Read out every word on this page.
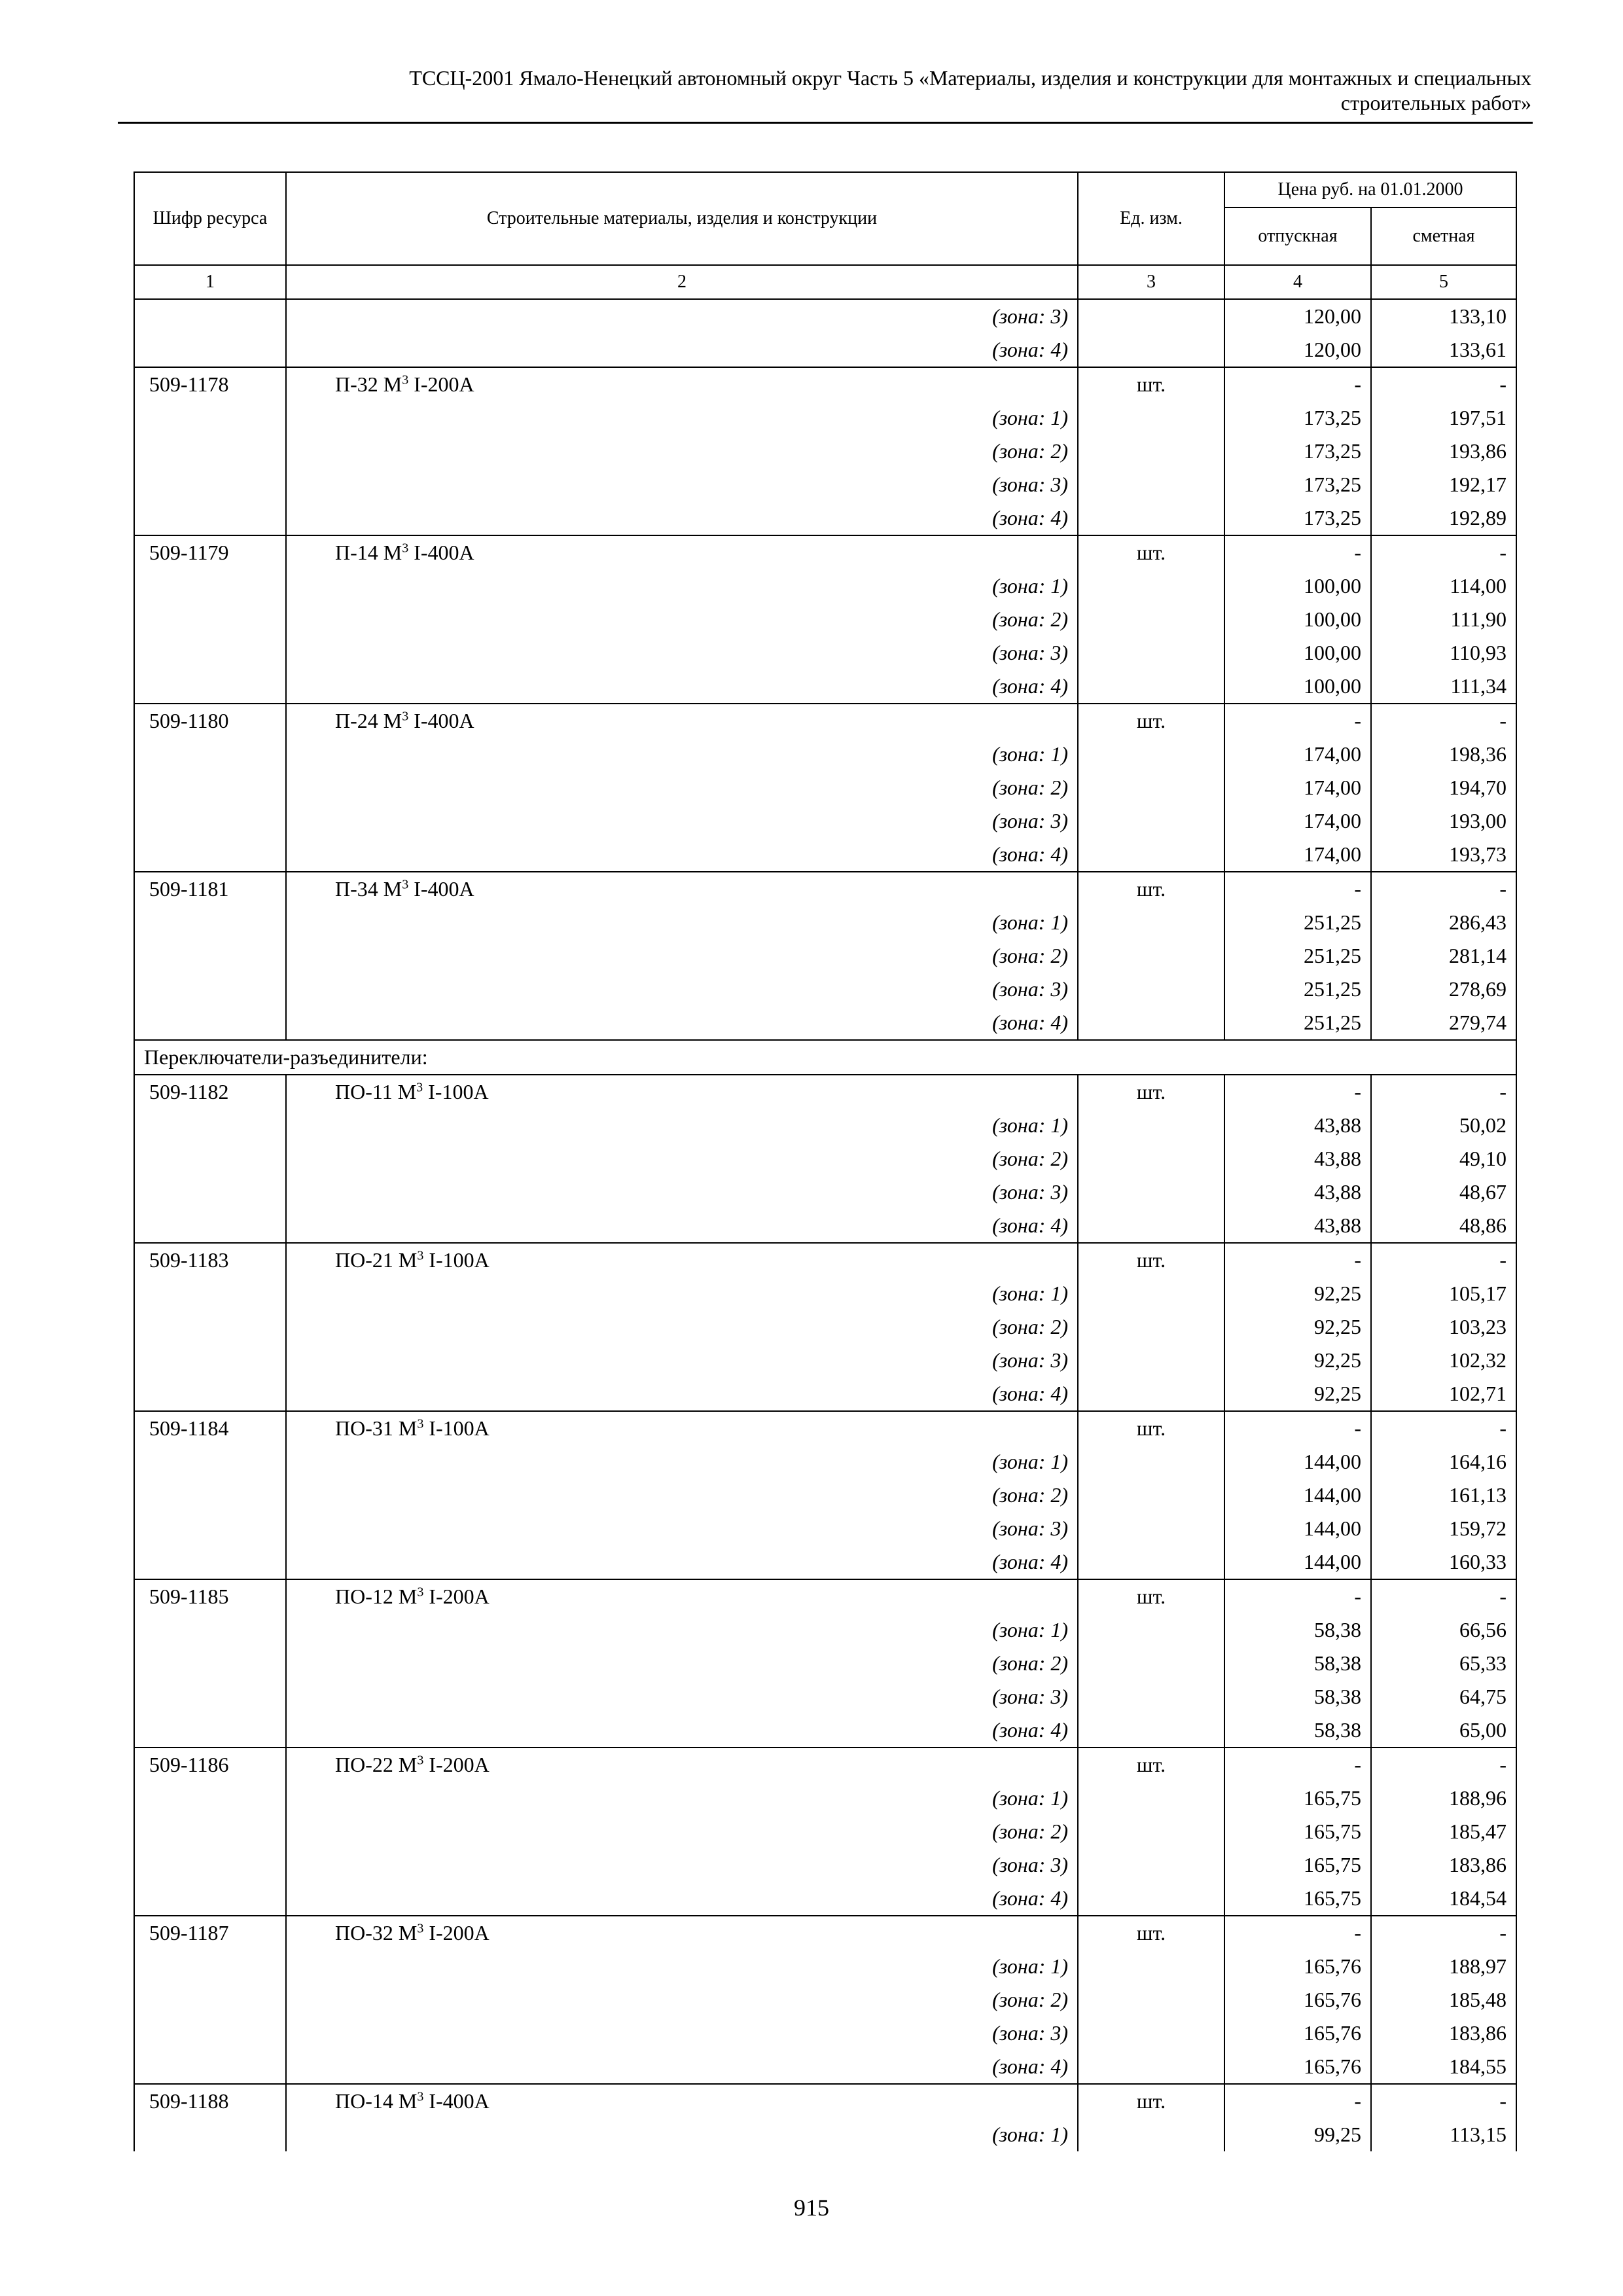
ТССЦ-2001 Ямало-Ненецкий автономный округ Часть 5 «Материалы, изделия и конструкции для монтажных и специальных
строительных работ»
Шифр ресурса	Строительные материалы, изделия и конструкции	Ед. изм.	Цена руб. на 01.01.2000	
			отпускная	сметная
1	2	3	4	5
	(зона: 3)		120,00	133,10
	(зона: 4)		120,00	133,61
509-1178	П-32 $М^3$ I-200А	шт.	-	-
	(зона: 1)		173,25	197,51
	(зона: 2)		173,25	193,86
	(зона: 3)		173,25	192,17
	(зона: 4)		173,25	192,89
509-1179	П-14 $М^3$ I-400А	шт.	-	-
	(зона: 1)		100,00	114,00
	(зона: 2)		100,00	111,90
	(зона: 3)		100,00	110,93
	(зона: 4)		100,00	111,34
509-1180	П-24 $М^3$ I-400А	шт.	-	-
	(зона: 1)		174,00	198,36
	(зона: 2)		174,00	194,70
	(зона: 3)		174,00	193,00
	(зона: 4)		174,00	193,73
509-1181	П-34 $М^3$ I-400А	шт.	-	-
	(зона: 1)		251,25	286,43
	(зона: 2)		251,25	281,14
	(зона: 3)		251,25	278,69
	(зона: 4)		251,25	279,74
Переключатели-разъединители:				
509-1182	ПО-11 $М^3$ I-100А	шт.	-	-
	(зона: 1)		43,88	50,02
	(зона: 2)		43,88	49,10
	(зона: 3)		43,88	48,67
	(зона: 4)		43,88	48,86
509-1183	ПО-21 $М^3$ I-100А	шт.	-	-
	(зона: 1)		92,25	105,17
	(зона: 2)		92,25	103,23
	(зона: 3)		92,25	102,32
	(зона: 4)		92,25	102,71
509-1184	ПО-31 $М^3$ I-100А	шт.	-	-
	(зона: 1)		144,00	164,16
	(зона: 2)		144,00	161,13
	(зона: 3)		144,00	159,72
	(зона: 4)		144,00	160,33
509-1185	ПО-12 $М^3$ I-200А	шт.	-	-
	(зона: 1)		58,38	66,56
	(зона: 2)		58,38	65,33
	(зона: 3)		58,38	64,75
	(зона: 4)		58,38	65,00
509-1186	ПО-22 $М^3$ I-200А	шт.	-	-
	(зона: 1)		165,75	188,96
	(зона: 2)		165,75	185,47
	(зона: 3)		165,75	183,86
	(зона: 4)		165,75	184,54
509-1187	ПО-32 $М^3$ I-200А	шт.	-	-
	(зона: 1)		165,76	188,97
	(зона: 2)		165,76	185,48
	(зона: 3)		165,76	183,86
	(зона: 4)		165,76	184,55
509-1188	ПО-14 $М^3$ I-400А	шт.	-	-
	(зона: 1)		99,25	113,15
915
